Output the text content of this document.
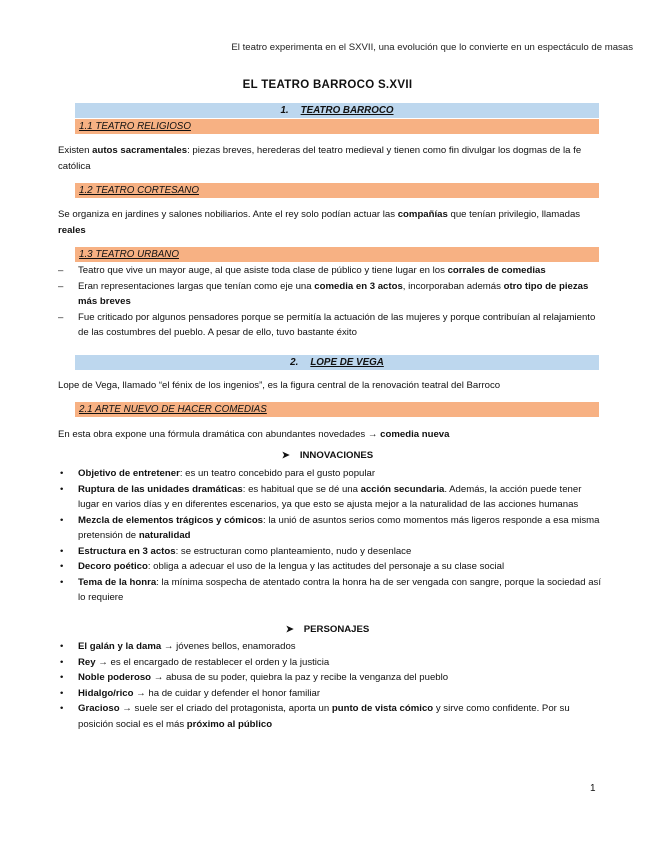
El teatro experimenta en el SXVII, una evolución que lo convierte en un espectáculo de masas
EL TEATRO BARROCO S.XVII
1. TEATRO BARROCO
1.1 TEATRO RELIGIOSO

Existen autos sacramentales: piezas breves, herederas del teatro medieval y tienen como fin divulgar los dogmas de la fe católica

1.2 TEATRO CORTESANO

Se organiza en jardines y salones nobiliarios. Ante el rey solo podían actuar las compañías que tenían privilegio, llamadas reales

1.3 TEATRO URBANO
– Teatro que vive un mayor auge, al que asiste toda clase de público y tiene lugar en los corrales de comedias
– Eran representaciones largas que tenían como eje una comedia en 3 actos, incorporaban además otro tipo de piezas más breves
– Fue criticado por algunos pensadores porque se permitía la actuación de las mujeres y porque contribuían al relajamiento de las costumbres del pueblo. A pesar de ello, tuvo bastante éxito
2. LOPE DE VEGA

Lope de Vega, llamado “el fénix de los ingenios”, es la figura central de la renovación teatral del Barroco

2.1 ARTE NUEVO DE HACER COMEDIAS

En esta obra expone una fórmula dramática con abundantes novedades → comedia nueva

➤ INNOVACIONES
• Objetivo de entretener: es un teatro concebido para el gusto popular
• Ruptura de las unidades dramáticas: es habitual que se dé una acción secundaria. Además, la acción puede tener lugar en varios días y en diferentes escenarios, ya que esto se ajusta mejor a la naturalidad de las acciones humanas
• Mezcla de elementos trágicos y cómicos: la unió de asuntos serios como momentos más ligeros responde a esa misma pretensión de naturalidad
• Estructura en 3 actos: se estructuran como planteamiento, nudo y desenlace
• Decoro poético: obliga a adecuar el uso de la lengua y las actitudes del personaje a su clase social
• Tema de la honra: la mínima sospecha de atentado contra la honra ha de ser vengada con sangre, porque la sociedad así lo requiere
➤ PERSONAJES
• El galán y la dama → jóvenes bellos, enamorados
• Rey → es el encargado de restablecer el orden y la justicia
• Noble poderoso → abusa de su poder, quiebra la paz y recibe la venganza del pueblo
• Hidalgo/rico → ha de cuidar y defender el honor familiar
• Gracioso → suele ser el criado del protagonista, aporta un punto de vista cómico y sirve como confidente. Por su posición social es el más próximo al público
1
